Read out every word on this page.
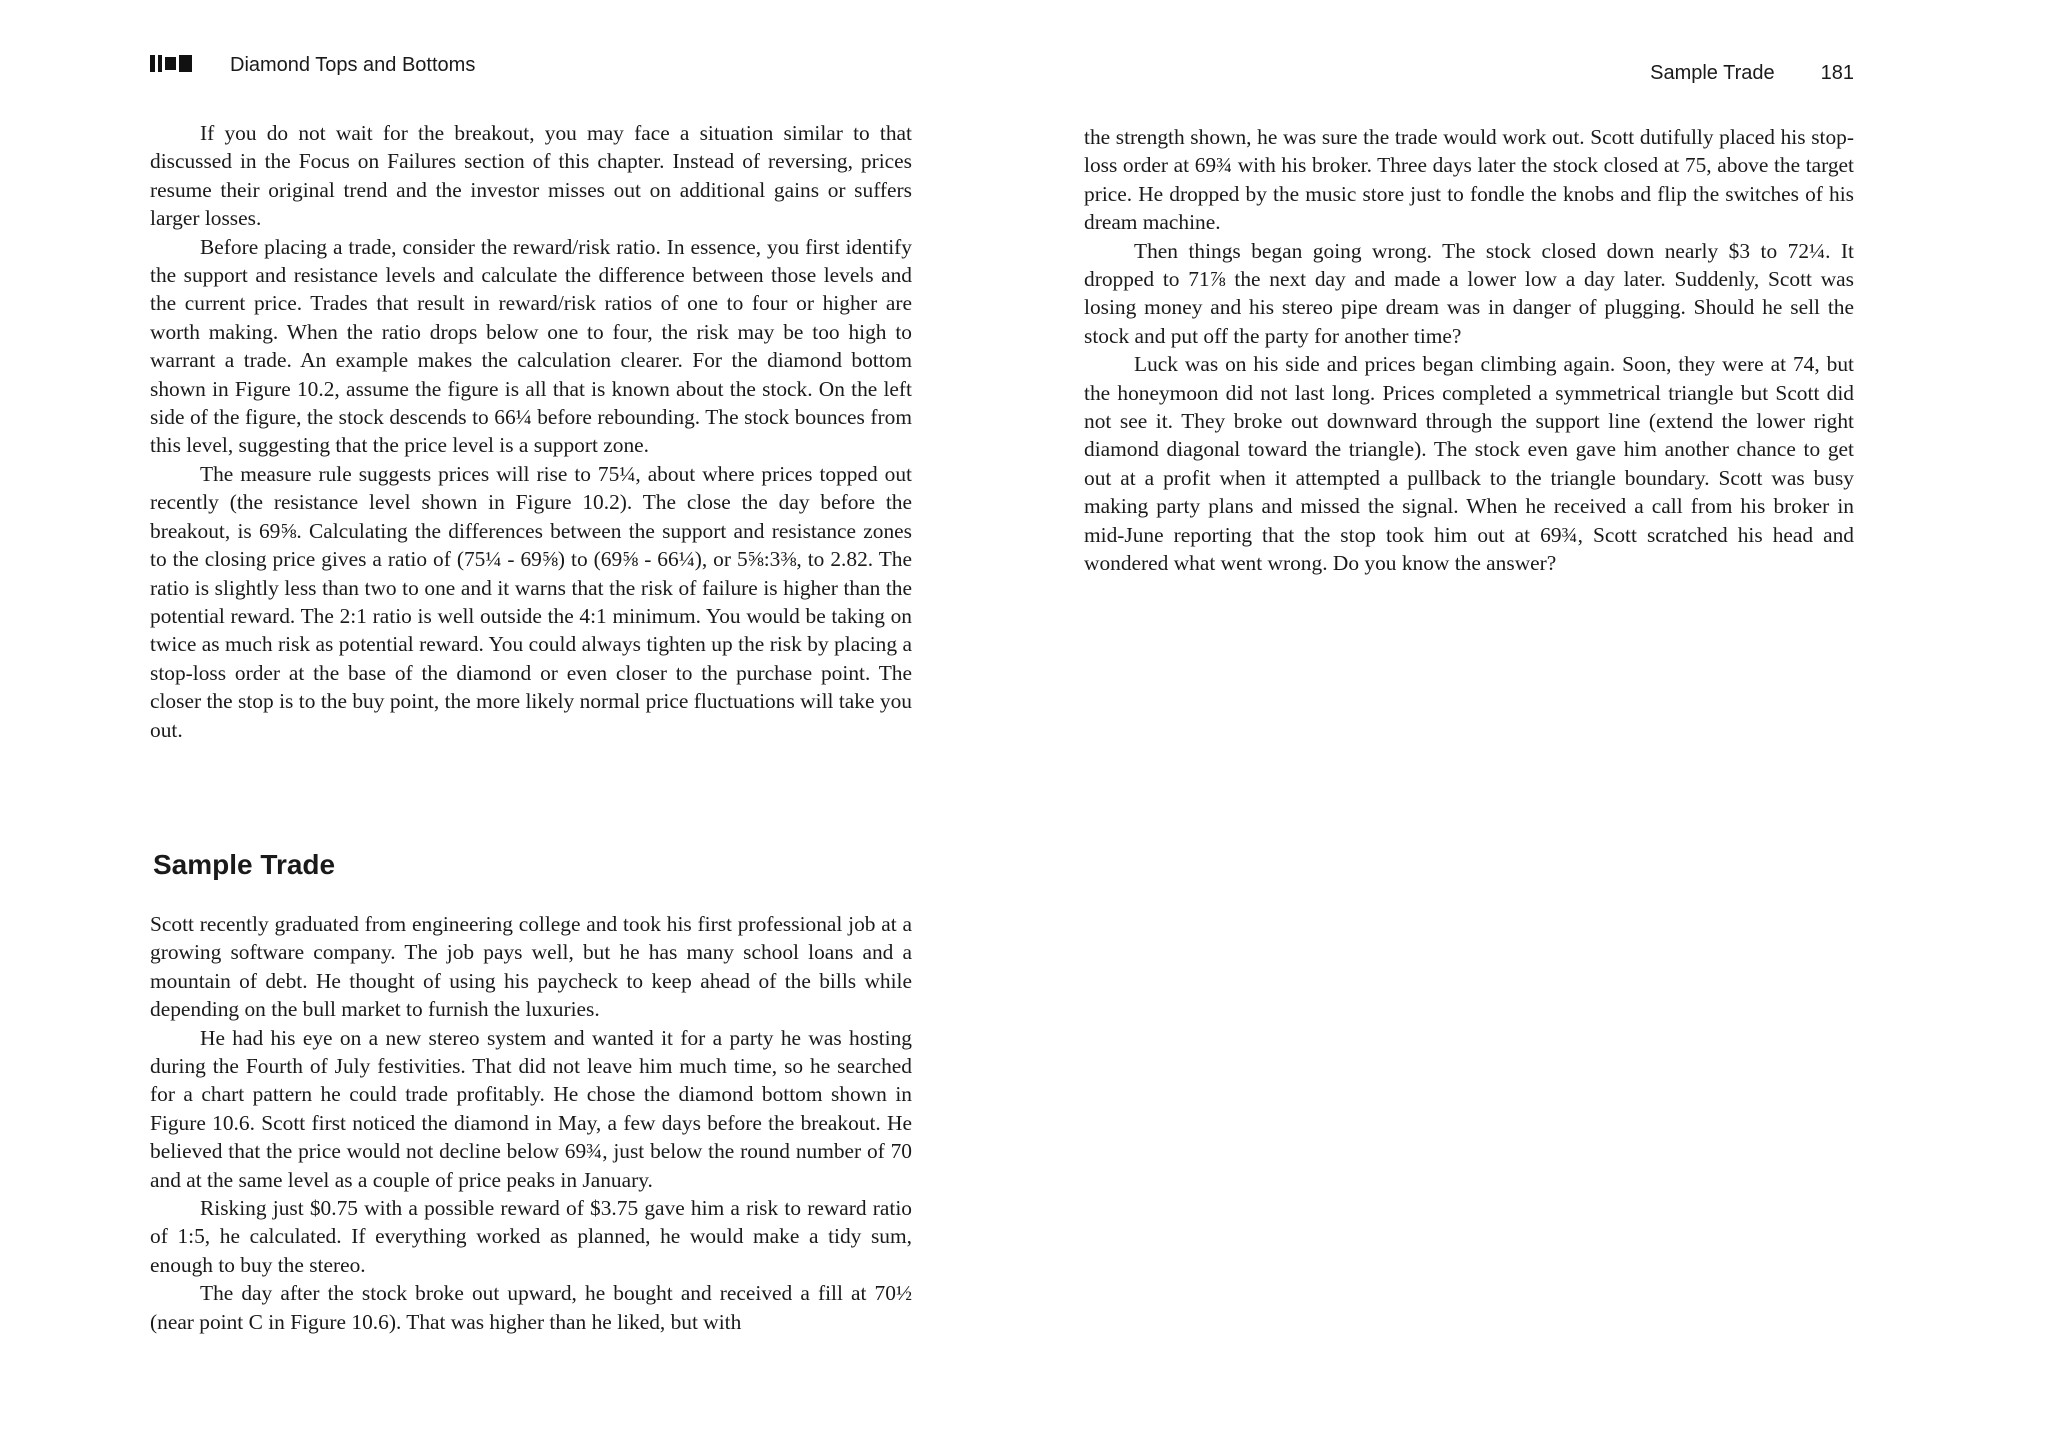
Diamond Tops and Bottoms

If you do not wait for the breakout, you may face a situation similar to that discussed in the Focus on Failures section of this chapter. Instead of reversing, prices resume their original trend and the investor misses out on additional gains or suffers larger losses.

Before placing a trade, consider the reward/risk ratio. In essence, you first identify the support and resistance levels and calculate the difference between those levels and the current price. Trades that result in reward/risk ratios of one to four or higher are worth making. When the ratio drops below one to four, the risk may be too high to warrant a trade. An example makes the calculation clearer. For the diamond bottom shown in Figure 10.2, assume the figure is all that is known about the stock. On the left side of the figure, the stock descends to 66¼ before rebounding. The stock bounces from this level, suggesting that the price level is a support zone.

The measure rule suggests prices will rise to 75¼, about where prices topped out recently (the resistance level shown in Figure 10.2). The close the day before the breakout, is 69⅝. Calculating the differences between the support and resistance zones to the closing price gives a ratio of (75¼ - 69⅝) to (69⅝ - 66¼), or 5⅝:3⅜, to 2.82. The ratio is slightly less than two to one and it warns that the risk of failure is higher than the potential reward. The 2:1 ratio is well outside the 4:1 minimum. You would be taking on twice as much risk as potential reward. You could always tighten up the risk by placing a stop-loss order at the base of the diamond or even closer to the purchase point. The closer the stop is to the buy point, the more likely normal price fluctuations will take you out.

Sample Trade

Scott recently graduated from engineering college and took his first professional job at a growing software company. The job pays well, but he has many school loans and a mountain of debt. He thought of using his paycheck to keep ahead of the bills while depending on the bull market to furnish the luxuries.

He had his eye on a new stereo system and wanted it for a party he was hosting during the Fourth of July festivities. That did not leave him much time, so he searched for a chart pattern he could trade profitably. He chose the diamond bottom shown in Figure 10.6. Scott first noticed the diamond in May, a few days before the breakout. He believed that the price would not decline below 69¾, just below the round number of 70 and at the same level as a couple of price peaks in January.

Risking just $0.75 with a possible reward of $3.75 gave him a risk to reward ratio of 1:5, he calculated. If everything worked as planned, he would make a tidy sum, enough to buy the stereo.

The day after the stock broke out upward, he bought and received a fill at 70½ (near point C in Figure 10.6). That was higher than he liked, but with

Sample Trade 181

the strength shown, he was sure the trade would work out. Scott dutifully placed his stop-loss order at 69¾ with his broker. Three days later the stock closed at 75, above the target price. He dropped by the music store just to fondle the knobs and flip the switches of his dream machine.

Then things began going wrong. The stock closed down nearly $3 to 72¼. It dropped to 71⅞ the next day and made a lower low a day later. Suddenly, Scott was losing money and his stereo pipe dream was in danger of plugging. Should he sell the stock and put off the party for another time?

Luck was on his side and prices began climbing again. Soon, they were at 74, but the honeymoon did not last long. Prices completed a symmetrical triangle but Scott did not see it. They broke out downward through the support line (extend the lower right diamond diagonal toward the triangle). The stock even gave him another chance to get out at a profit when it attempted a pullback to the triangle boundary. Scott was busy making party plans and missed the signal. When he received a call from his broker in mid-June reporting that the stop took him out at 69¾, Scott scratched his head and wondered what went wrong. Do you know the answer?
